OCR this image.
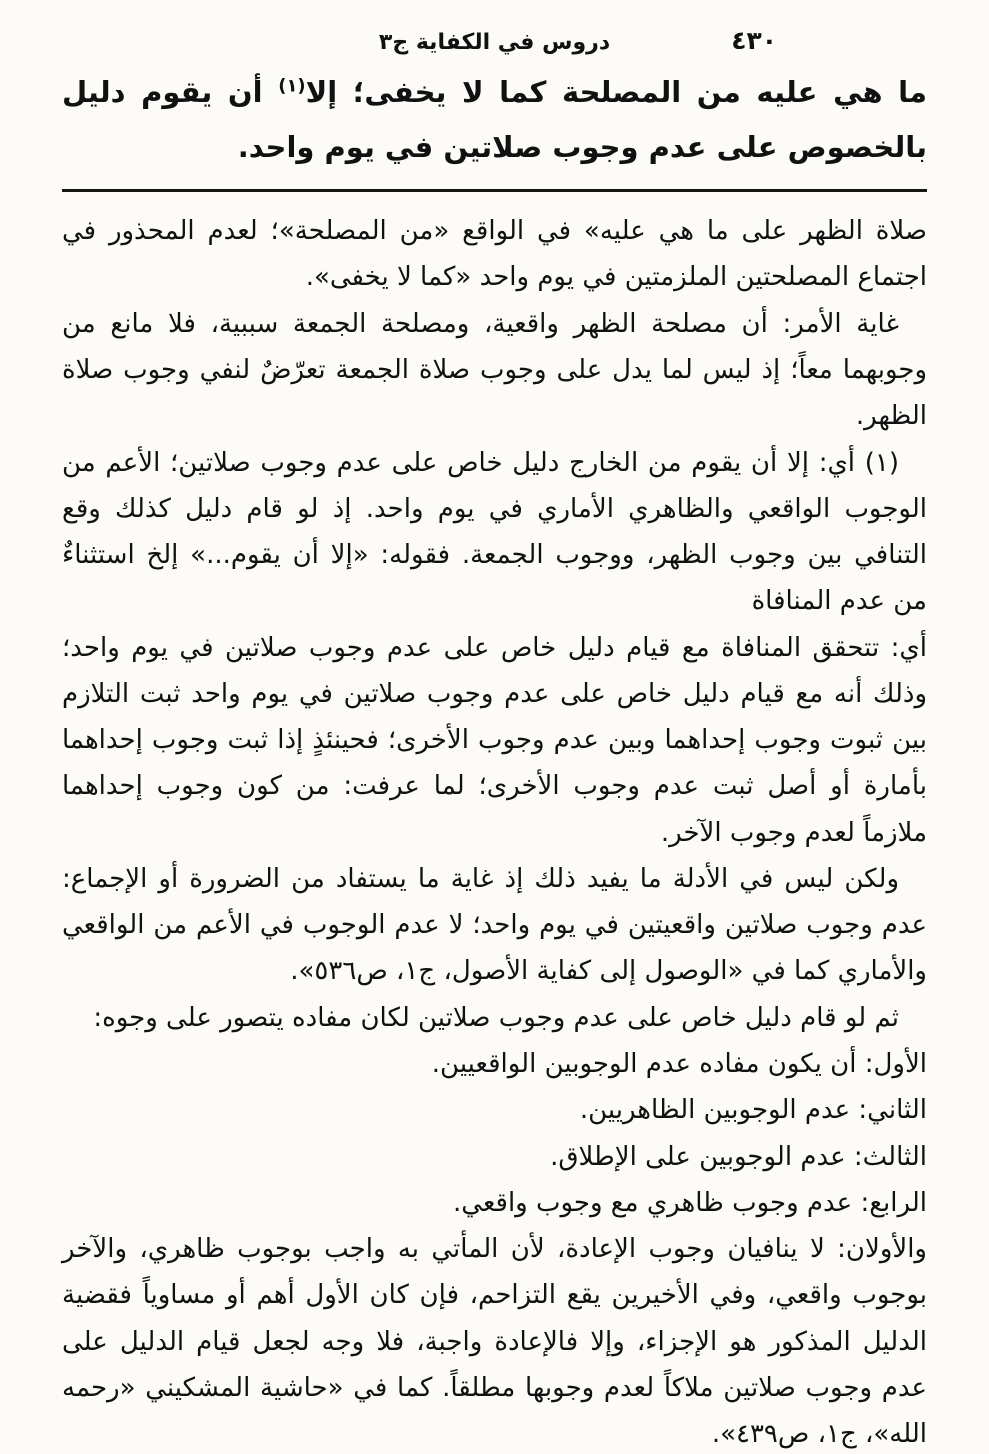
٤٣٠
دروس في الكفاية ج٣

ما هي عليه من المصلحة كما لا يخفى؛ إلا$^{(١)}$ أن يقوم دليل بالخصوص على عدم وجوب صلاتين في يوم واحد.

صلاة الظهر على ما هي عليه» في الواقع «من المصلحة»؛ لعدم المحذور في اجتماع المصلحتين الملزمتين في يوم واحد «كما لا يخفى».

غاية الأمر: أن مصلحة الظهر واقعية، ومصلحة الجمعة سببية، فلا مانع من وجوبهما معاً؛ إذ ليس لما يدل على وجوب صلاة الجمعة تعرّضٌ لنفي وجوب صلاة الظهر.

(١) أي: إلا أن يقوم من الخارج دليل خاص على عدم وجوب صلاتين؛ الأعم من الوجوب الواقعي والظاهري الأماري في يوم واحد. إذ لو قام دليل كذلك وقع التنافي بين وجوب الظهر، ووجوب الجمعة. فقوله: «إلا أن يقوم...» إلخ استثناءٌ من عدم المنافاة

أي: تتحقق المنافاة مع قيام دليل خاص على عدم وجوب صلاتين في يوم واحد؛ وذلك أنه مع قيام دليل خاص على عدم وجوب صلاتين في يوم واحد ثبت التلازم بين ثبوت وجوب إحداهما وبين عدم وجوب الأخرى؛ فحينئذٍ إذا ثبت وجوب إحداهما بأمارة أو أصل ثبت عدم وجوب الأخرى؛ لما عرفت: من كون وجوب إحداهما ملازماً لعدم وجوب الآخر.

ولكن ليس في الأدلة ما يفيد ذلك إذ غاية ما يستفاد من الضرورة أو الإجماع: عدم وجوب صلاتين واقعيتين في يوم واحد؛ لا عدم الوجوب في الأعم من الواقعي والأماري كما في «الوصول إلى كفاية الأصول، ج١، ص٥٣٦».

ثم لو قام دليل خاص على عدم وجوب صلاتين لكان مفاده يتصور على وجوه:

الأول: أن يكون مفاده عدم الوجوبين الواقعيين.

الثاني: عدم الوجوبين الظاهريين.

الثالث: عدم الوجوبين على الإطلاق.

الرابع: عدم وجوب ظاهري مع وجوب واقعي.

والأولان: لا ينافيان وجوب الإعادة، لأن المأتي به واجب بوجوب ظاهري، والآخر بوجوب واقعي، وفي الأخيرين يقع التزاحم، فإن كان الأول أهم أو مساوياً فقضية الدليل المذكور هو الإجزاء، وإلا فالإعادة واجبة، فلا وجه لجعل قيام الدليل على عدم وجوب صلاتين ملاكاً لعدم وجوبها مطلقاً. كما في «حاشية المشكيني «رحمه الله»، ج١، ص٤٣٩».
